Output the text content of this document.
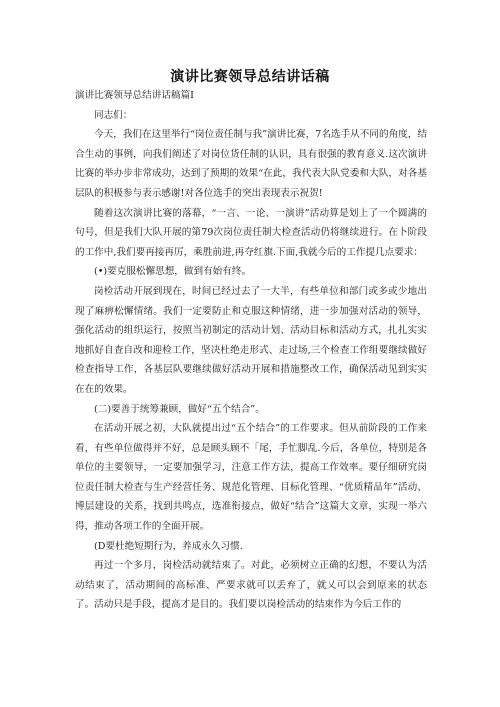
演讲比赛领导总结讲话稿

演讲比赛领导总结讲话稿篇I

同志们：

今天，我们在这里举行“岗位责任制与我”演讲比赛，7名选手从不同的角度，结合生动的事例，向我们阐述了对岗位货任制的认识，具有很强的教育意义.这次演讲比赛的举办步非常成功，达到了预期的效果“在此，我代表大队党委和大队，对各基层队的积极参与表示感谢!对各位选手的突出表现表示祝贺!

随着这次演讲比赛的落幕，“一言、一论、一演讲”活动算是划上了一个圆满的句号，但是我们大队开展的第79次岗位责任制大检查活动仍将继续进行。在卜阶段的工作中,我们要再接再厉，乘胜前进,再夺红旗.下面,我就今后的工作提几点要求：

(•)要克服松懈思想，做到有始有终。

岗检活动开展到现在，时间已经过去了一大半，有些单位和部门或多或少地出现了麻痹松懈情绪。我们一定要防止和克服这种情绪，进一步加强对活动的领导，强化活动的组织运行，按照当初制定的活动计划、活动目标和活动方式，扎扎实实地抓好自查自改和迎检工作，坚决杜绝走形式、走过场,三个检查工作组要继续做好检查指导工作，各基层队要继续做好活动开展和措施整改工作，确保活动见到实实在在的效果。

(二)要善于统筹兼顾，做好“五个结合”。

在活动开展之初，大队就提出过“五个结合”的工作要求。但从前阶段的工作来看，有些单位做得并不好，总是顾头顾不「尾，手忙脚乱.今后，各单位，特别是各单位的主要领导，一定要加强学习，注意工作方法，提高工作效率。要仔细研究岗位责任制大检查与生产经营任务、规范化管理、目标化管理、“优质精品年”活动、博层建设的关系，找到共鸣点，选准衔接点，做好“结合”这篇大文章，实现一举六得，推动各项工作的全面开展。

(D要杜绝短期行为，养成永久习惯.

再过一个多月，岗检活动就结束了。对此，必须树立正确的幻想，不要认为活动结束了，活动期间的高标准、严要求就可以丢弃了，就乂可以会到原来的状态了。活动只是手段，提高才是目的。我们要以岗检活动的结束作为今后工作的
